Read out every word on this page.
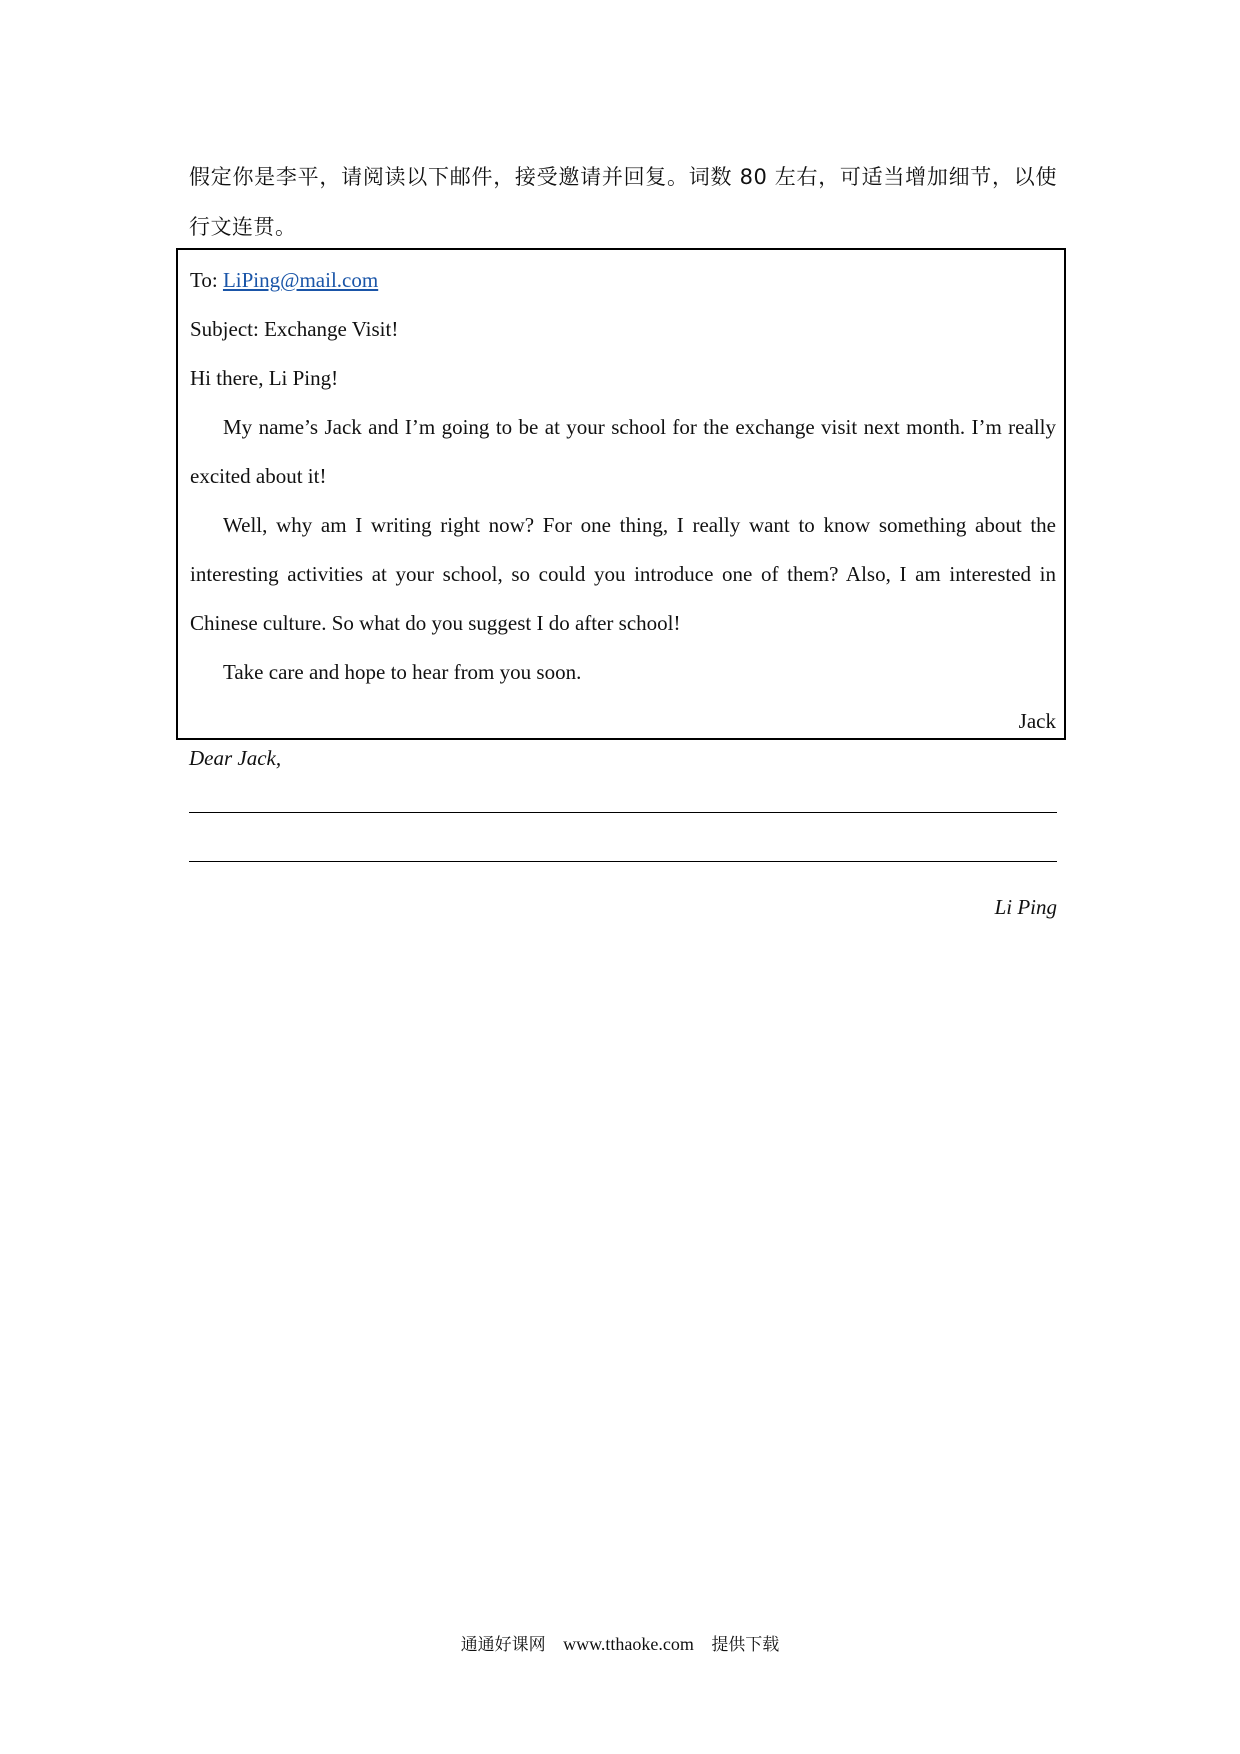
假定你是李平，请阅读以下邮件，接受邀请并回复。词数 80 左右，可适当增加细节，以使行文连贯。
To: LiPing@mail.com
Subject: Exchange Visit!
Hi there, Li Ping!
My name’s Jack and I’m going to be at your school for the exchange visit next month. I’m really excited about it!
Well, why am I writing right now? For one thing, I really want to know something about the interesting activities at your school, so could you introduce one of them? Also, I am interested in Chinese culture. So what do you suggest I do after school!
Take care and hope to hear from you soon.
Jack
Dear Jack,
Li Ping
通通好课网 www.tthaoke.com 提供下载
